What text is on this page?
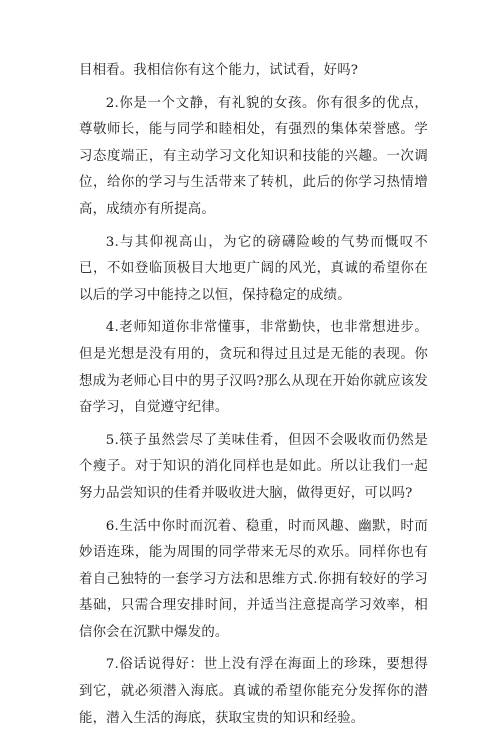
目相看。我相信你有这个能力，试试看，好吗?

2.你是一个文静，有礼貌的女孩。你有很多的优点，尊敬师长，能与同学和睦相处，有强烈的集体荣誉感。学习态度端正，有主动学习文化知识和技能的兴趣。一次调位，给你的学习与生活带来了转机，此后的你学习热情增高，成绩亦有所提高。

3.与其仰视高山，为它的磅礴险峻的气势而慨叹不已，不如登临顶极目大地更广阔的风光，真诚的希望你在以后的学习中能持之以恒，保持稳定的成绩。

4.老师知道你非常懂事，非常勤快，也非常想进步。但是光想是没有用的，贪玩和得过且过是无能的表现。你想成为老师心目中的男子汉吗?那么从现在开始你就应该发奋学习，自觉遵守纪律。

5.筷子虽然尝尽了美味佳肴，但因不会吸收而仍然是个瘦子。对于知识的消化同样也是如此。所以让我们一起努力品尝知识的佳肴并吸收进大脑，做得更好，可以吗?

6.生活中你时而沉着、稳重，时而风趣、幽默，时而妙语连珠，能为周围的同学带来无尽的欢乐。同样你也有着自己独特的一套学习方法和思维方式.你拥有较好的学习基础，只需合理安排时间，并适当注意提高学习效率，相信你会在沉默中爆发的。

7.俗话说得好：世上没有浮在海面上的珍珠，要想得到它，就必须潜入海底。真诚的希望你能充分发挥你的潜能，潜入生活的海底，获取宝贵的知识和经验。
